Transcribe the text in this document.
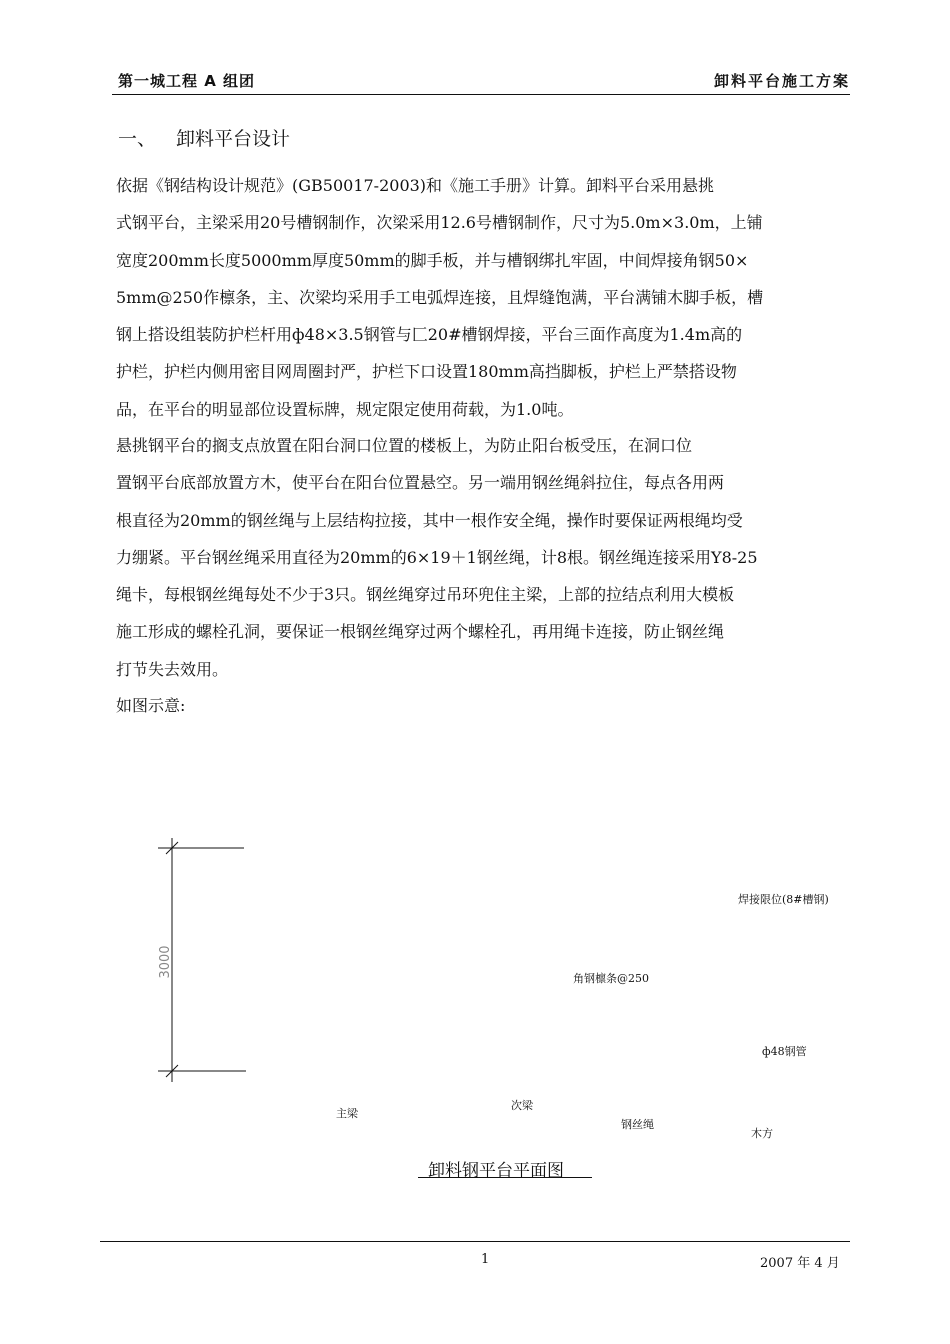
第一城工程 A 组团	卸料平台施工方案
一、 卸料平台设计
依据《钢结构设计规范》(GB50017-2003)和《施工手册》计算。卸料平台采用悬挑
式钢平台，主梁采用20号槽钢制作，次梁采用12.6号槽钢制作，尺寸为5.0m×3.0m，上铺
宽度200mm长度5000mm厚度50mm的脚手板，并与槽钢绑扎牢固，中间焊接角钢50×
5mm@250作檩条，主、次梁均采用手工电弧焊连接，且焊缝饱满，平台满铺木脚手板，槽
钢上搭设组装防护栏杆用ф48×3.5钢管与匚20#槽钢焊接，平台三面作高度为1.4m高的
护栏，护栏内侧用密目网周圈封严，护栏下口设置180mm高挡脚板，护栏上严禁搭设物
品，在平台的明显部位设置标牌，规定限定使用荷载，为1.0吨。
悬挑钢平台的搁支点放置在阳台洞口位置的楼板上，为防止阳台板受压，在洞口位
置钢平台底部放置方木，使平台在阳台位置悬空。另一端用钢丝绳斜拉住，每点各用两
根直径为20mm的钢丝绳与上层结构拉接，其中一根作安全绳，操作时要保证两根绳均受
力绷紧。平台钢丝绳采用直径为20mm的6×19＋1钢丝绳，计8根。钢丝绳连接采用Y8-25
绳卡，每根钢丝绳每处不少于3只。钢丝绳穿过吊环兜住主梁，上部的拉结点利用大模板
施工形成的螺栓孔洞，要保证一根钢丝绳穿过两个螺栓孔，再用绳卡连接，防止钢丝绳
打节失去效用。
如图示意:
3000
焊接限位(8#槽钢)
角钢檩条@250
ф48钢管
主梁
次梁
钢丝绳
木方
卸料钢平台平面图
1	2007 年 4 月
